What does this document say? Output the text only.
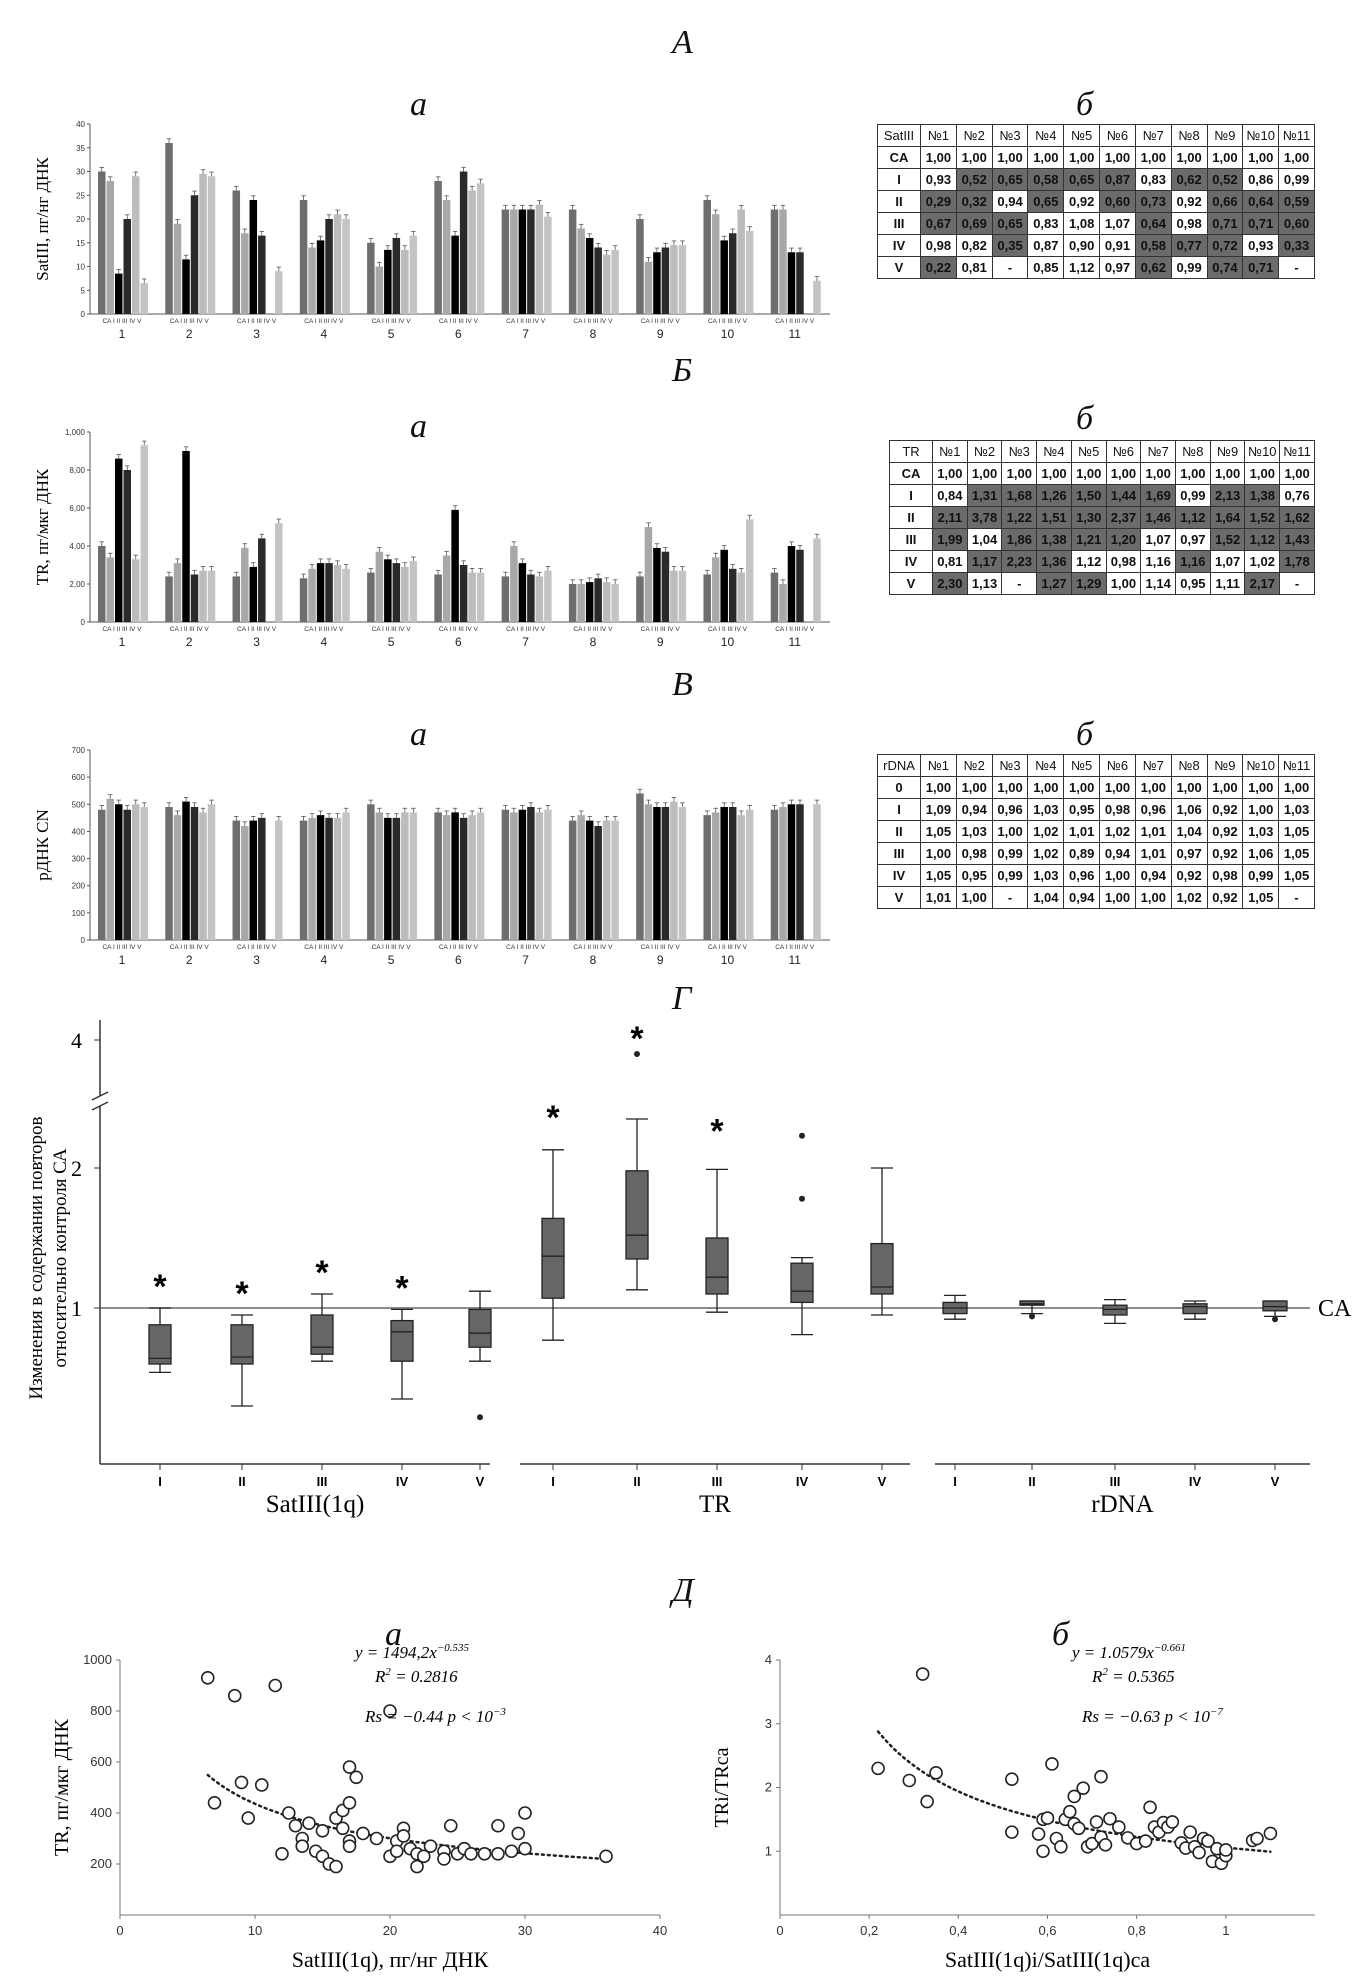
А
а	б
Б
а	б
В
а	б
Г
Д
а	б
0
5
10
15
20
25
30
35
40
SatIII, пг/нг ДНК
CA I II III IV V
1
CA I II III IV V
2
CA I II III IV V
3
CA I II III IV V
4
CA I II III IV V
5
CA I II III IV V
6
CA I II III IV V
7
CA I II III IV V
8
CA I II III IV V
9
CA I II III IV V
10
CA I II III IV V
11
0
2,00
4,00
6,00
8,00
1,000
TR, пг/мкг ДНК
CA I II III IV V
1
CA I II III IV V
2
CA I II III IV V
3
CA I II III IV V
4
CA I II III IV V
5
CA I II III IV V
6
CA I II III IV V
7
CA I II III IV V
8
CA I II III IV V
9
CA I II III IV V
10
CA I II III IV V
11
0
100
200
300
400
500
600
700
рДНК CN
CA I II III IV V
1
CA I II III IV V
2
CA I II III IV V
3
CA I II III IV V
4
CA I II III IV V
5
CA I II III IV V
6
CA I II III IV V
7
CA I II III IV V
8
CA I II III IV V
9
CA I II III IV V
10
CA I II III IV V
11
SatIII	№1	№2	№3	№4	№5	№6	№7	№8	№9	№10	№11
CA	1,00	1,00	1,00	1,00	1,00	1,00	1,00	1,00	1,00	1,00	1,00
I	0,93	0,52	0,65	0,58	0,65	0,87	0,83	0,62	0,52	0,86	0,99
II	0,29	0,32	0,94	0,65	0,92	0,60	0,73	0,92	0,66	0,64	0,59
III	0,67	0,69	0,65	0,83	1,08	1,07	0,64	0,98	0,71	0,71	0,60
IV	0,98	0,82	0,35	0,87	0,90	0,91	0,58	0,77	0,72	0,93	0,33
V	0,22	0,81	-	0,85	1,12	0,97	0,62	0,99	0,74	0,71	-
TR	№1	№2	№3	№4	№5	№6	№7	№8	№9	№10	№11
CA	1,00	1,00	1,00	1,00	1,00	1,00	1,00	1,00	1,00	1,00	1,00
I	0,84	1,31	1,68	1,26	1,50	1,44	1,69	0,99	2,13	1,38	0,76
II	2,11	3,78	1,22	1,51	1,30	2,37	1,46	1,12	1,64	1,52	1,62
III	1,99	1,04	1,86	1,38	1,21	1,20	1,07	0,97	1,52	1,12	1,43
IV	0,81	1,17	2,23	1,36	1,12	0,98	1,16	1,16	1,07	1,02	1,78
V	2,30	1,13	-	1,27	1,29	1,00	1,14	0,95	1,11	2,17	-
rDNA	№1	№2	№3	№4	№5	№6	№7	№8	№9	№10	№11
0	1,00	1,00	1,00	1,00	1,00	1,00	1,00	1,00	1,00	1,00	1,00
I	1,09	0,94	0,96	1,03	0,95	0,98	0,96	1,06	0,92	1,00	1,03
II	1,05	1,03	1,00	1,02	1,01	1,02	1,01	1,04	0,92	1,03	1,05
III	1,00	0,98	0,99	1,02	0,89	0,94	1,01	0,97	0,92	1,06	1,05
IV	1,05	0,95	0,99	1,03	0,96	1,00	0,94	0,92	0,98	0,99	1,05
V	1,01	1,00	-	1,04	0,94	1,00	1,00	1,02	0,92	1,05	-
4
2
1
Изменения в содержании повторов относительно контроля СА	CA
SatIII(1q)
*
I
*
II
*
III
*
IV	V
TR
*
I
*
II
*
III	IV	V
rDNA
I	II	III	IV	V
0	10	20	30	40
200
400
600
800
1000	$y = 1494,2x^{-0.535}$
$R^2 = 0.2816$
Rs = −0.44 $p < 10^{-3}$
SatIII(1q), пг/нг ДНК
TR, пг/мкг ДНК
0	0,2	0,4	0,6	0,8	1
1
2
3
4	$y = 1.0579x^{-0.661}$
$R^2 = 0.5365$
Rs = −0.63 $p < 10^{-7}$
SatIII(1q)i/SatIII(1q)ca
TRi/TRca
